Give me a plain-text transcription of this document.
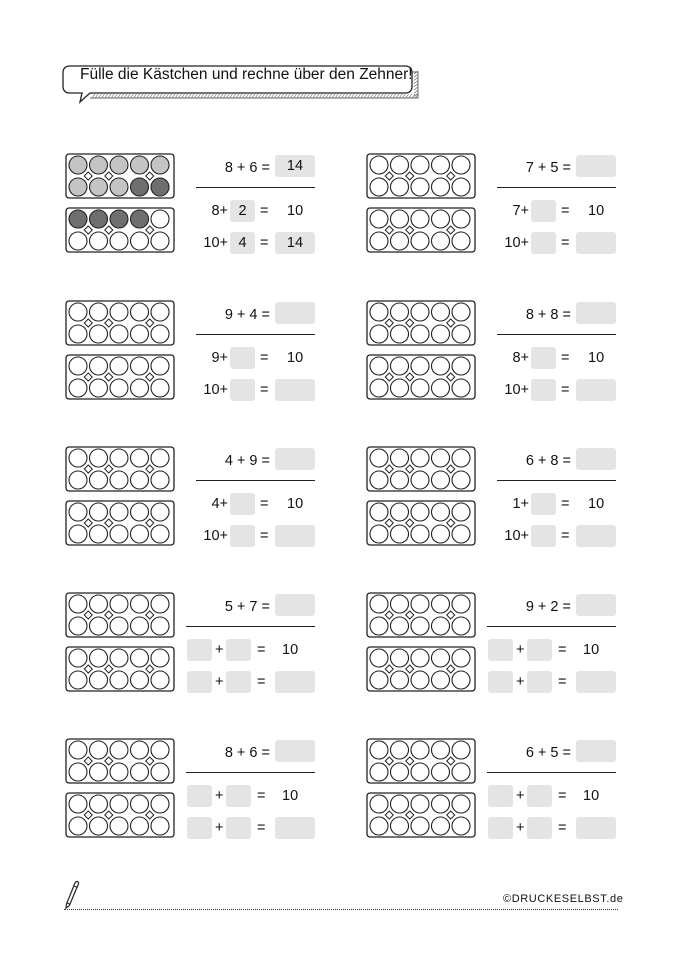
Fülle die Kästchen und rechne über den Zehner!
8 + 6 =	14
8+ 2 = 10
10+ 4 =	14
7 + 5 =
7+ = 10
10+ =
9 + 4 =
9+ = 10
10+ =
8 + 8 =
8+ = 10
10+ =
4 + 9 =
4+ = 10
10+ =
6 + 8 =
1+ = 10
10+ =
5 + 7 =
+ = 10
+ =
9 + 2 =
+ = 10
+ =
8 + 6 =
+ = 10
+ =
6 + 5 =
+ = 10
+ =
©DRUCKESELBST.de
